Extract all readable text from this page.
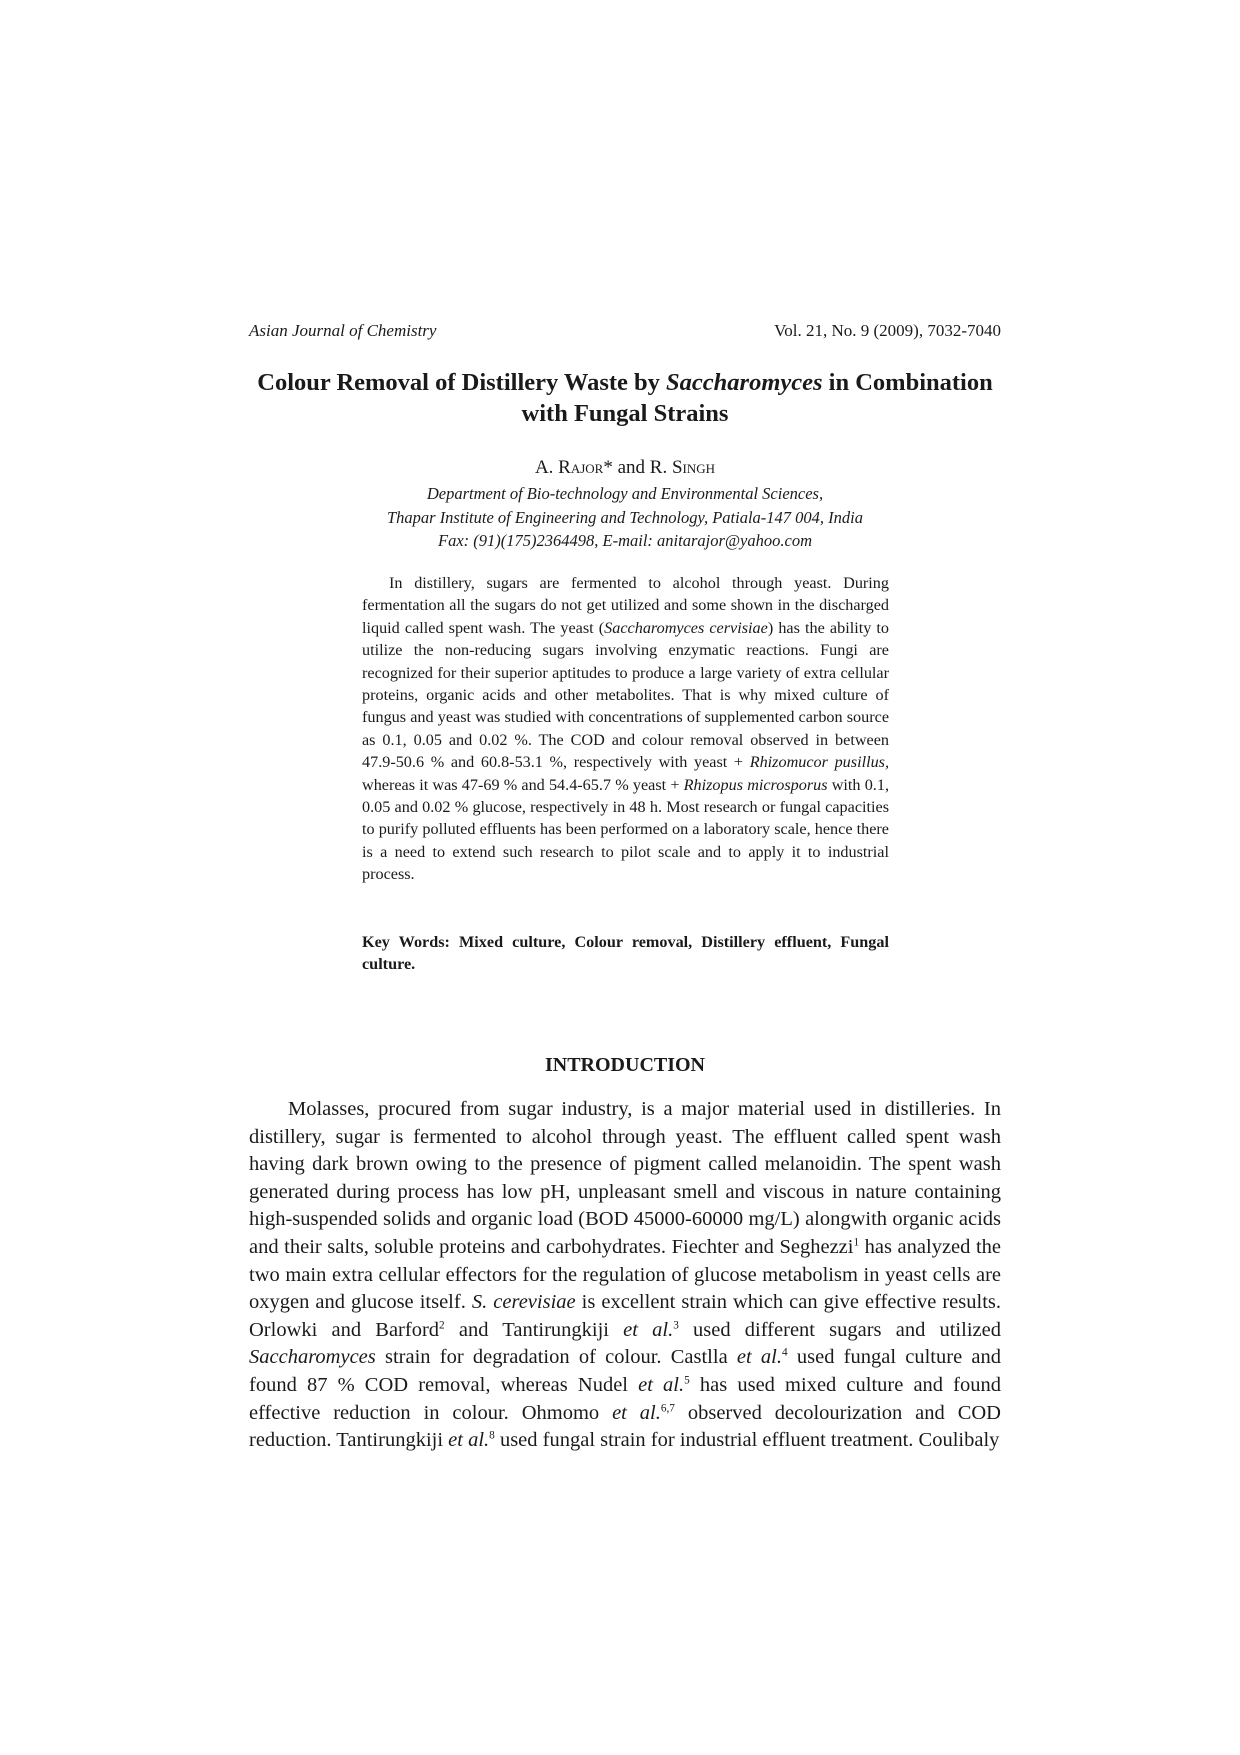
Asian Journal of Chemistry	Vol. 21, No. 9 (2009), 7032-7040
Colour Removal of Distillery Waste by Saccharomyces in Combination with Fungal Strains
A. Rajor* and R. Singh
Department of Bio-technology and Environmental Sciences,
Thapar Institute of Engineering and Technology, Patiala-147 004, India
Fax: (91)(175)2364498, E-mail: anitarajor@yahoo.com

In distillery, sugars are fermented to alcohol through yeast. During fermentation all the sugars do not get utilized and some shown in the discharged liquid called spent wash. The yeast (Saccharomyces cervisiae) has the ability to utilize the non-reducing sugars involving enzymatic reactions. Fungi are recognized for their superior aptitudes to produce a large variety of extra cellular proteins, organic acids and other metabolites. That is why mixed culture of fungus and yeast was studied with concentrations of supplemented carbon source as 0.1, 0.05 and 0.02 %. The COD and colour removal observed in between 47.9-50.6 % and 60.8-53.1 %, respectively with yeast + Rhizomucor pusillus, whereas it was 47-69 % and 54.4-65.7 % yeast + Rhizopus microsporus with 0.1, 0.05 and 0.02 % glucose, respectively in 48 h. Most research or fungal capacities to purify polluted effluents has been performed on a laboratory scale, hence there is a need to extend such research to pilot scale and to apply it to industrial process.

Key Words: Mixed culture, Colour removal, Distillery effluent, Fungal culture.

INTRODUCTION

Molasses, procured from sugar industry, is a major material used in distilleries. In distillery, sugar is fermented to alcohol through yeast. The effluent called spent wash having dark brown owing to the presence of pigment called melanoidin. The spent wash generated during process has low pH, unpleasant smell and viscous in nature containing high-suspended solids and organic load (BOD 45000-60000 mg/L) alongwith organic acids and their salts, soluble proteins and carbohydrates. Fiechter and Seghezzi$^1$ has analyzed the two main extra cellular effectors for the regulation of glucose metabolism in yeast cells are oxygen and glucose itself. S. cerevisiae is excellent strain which can give effective results. Orlowki and Barford$^2$ and Tantirungkiji et al.$^3$ used different sugars and utilized Saccharomyces strain for degradation of colour. Castlla et al.$^4$ used fungal culture and found 87 % COD removal, whereas Nudel et al.$^5$ has used mixed culture and found effective reduction in colour. Ohmomo et al.$^{6,7}$ observed decolourization and COD reduction. Tantirungkiji et al.$^8$ used fungal strain for industrial effluent treatment. Coulibaly
